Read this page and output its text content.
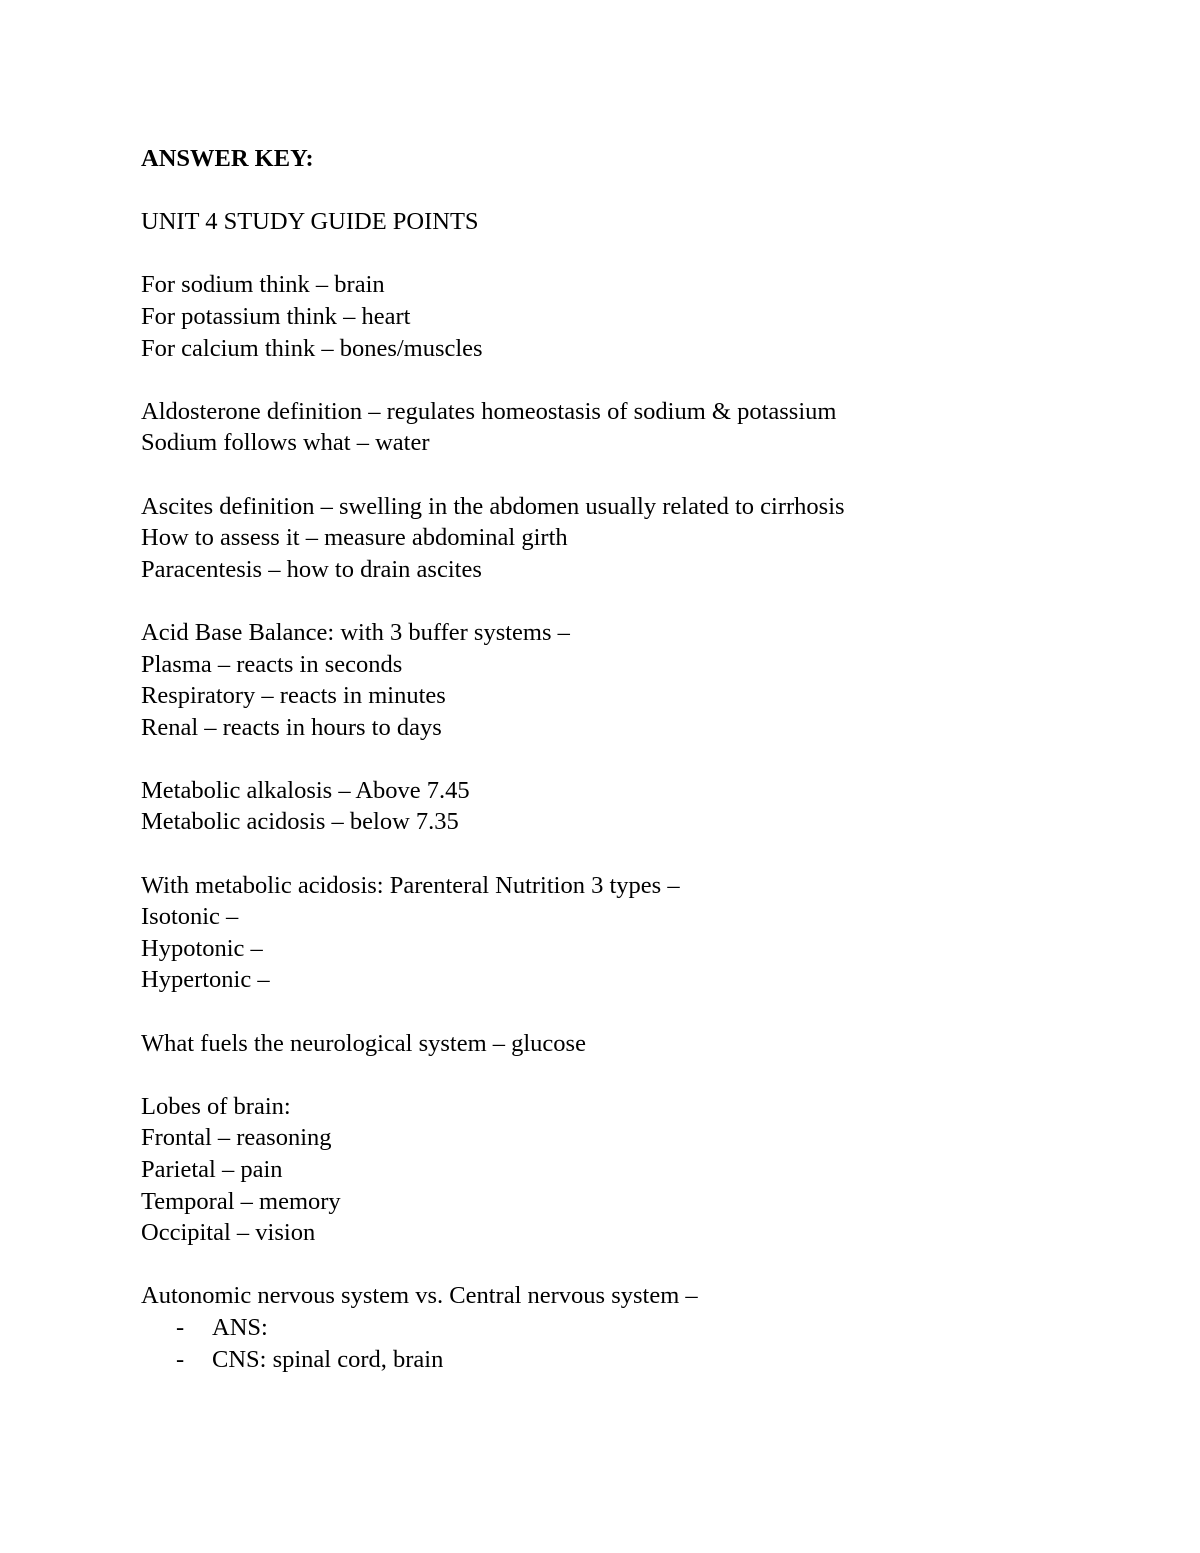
ANSWER KEY:
UNIT 4 STUDY GUIDE POINTS
For sodium think – brain
For potassium think – heart
For calcium think – bones/muscles
Aldosterone definition – regulates homeostasis of sodium & potassium
Sodium follows what – water
Ascites definition – swelling in the abdomen usually related to cirrhosis
How to assess it – measure abdominal girth
Paracentesis – how to drain ascites
Acid Base Balance: with 3 buffer systems –
Plasma – reacts in seconds
Respiratory – reacts in minutes
Renal – reacts in hours to days
Metabolic alkalosis – Above 7.45
Metabolic acidosis – below 7.35
With metabolic acidosis: Parenteral Nutrition 3 types –
Isotonic –
Hypotonic –
Hypertonic –
What fuels the neurological system – glucose
Lobes of brain:
Frontal – reasoning
Parietal – pain
Temporal – memory
Occipital – vision
Autonomic nervous system vs. Central nervous system –

-

ANS:

-

CNS: spinal cord, brain
